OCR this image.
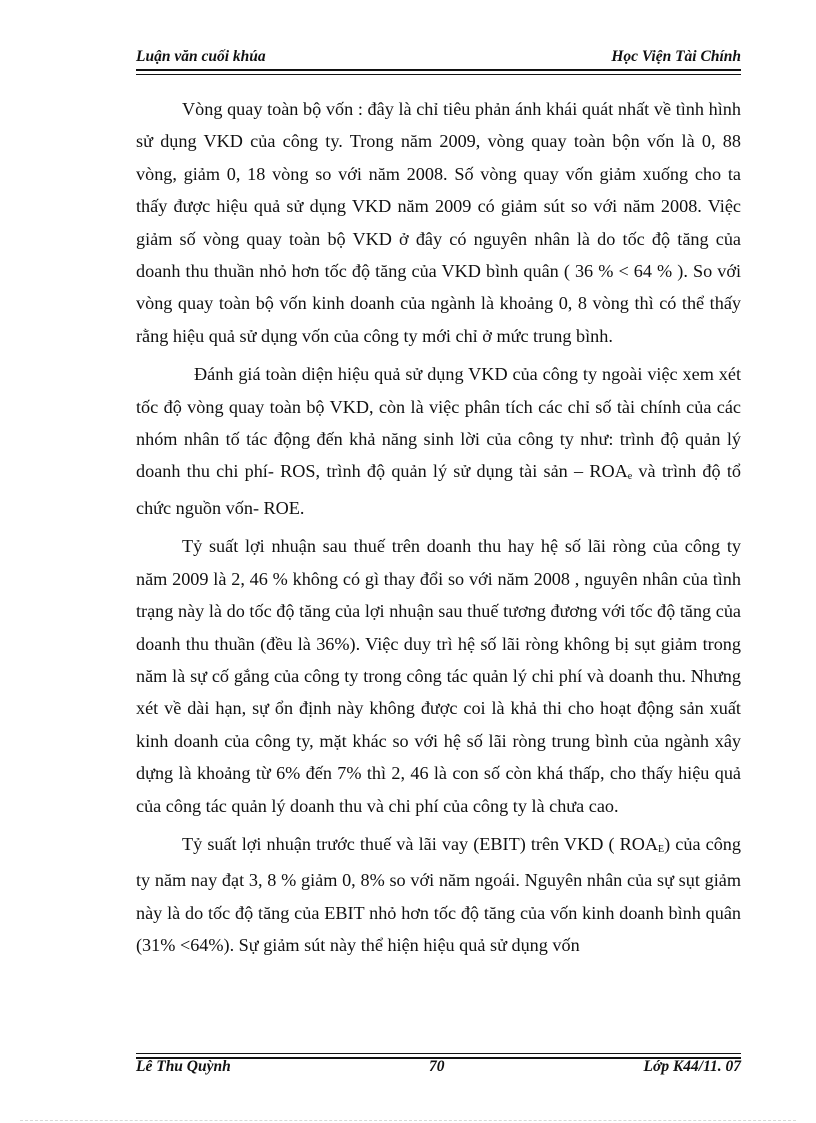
Luận văn cuối khúa	Học Viện Tài Chính

Vòng quay toàn bộ vốn : đây là chỉ tiêu phản ánh khái quát nhất về tình hình sử dụng VKD của công ty. Trong năm 2009, vòng quay toàn bộn vốn là 0, 88 vòng, giảm 0, 18 vòng so với năm 2008. Số vòng quay vốn giảm xuống cho ta thấy được hiệu quả sử dụng VKD năm 2009 có giảm sút so với năm 2008. Việc giảm số vòng quay toàn bộ VKD ở đây có nguyên nhân là do tốc độ tăng của doanh thu thuần nhỏ hơn tốc độ tăng của VKD bình quân ( 36 % < 64 % ). So với vòng quay toàn bộ vốn kinh doanh của ngành là khoảng 0, 8 vòng thì có thể thấy rằng hiệu quả sử dụng vốn của công ty mới chỉ ở mức trung bình.

Đánh giá toàn diện hiệu quả sử dụng VKD của công ty ngoài việc xem xét tốc độ vòng quay toàn bộ VKD, còn là việc phân tích các chỉ số tài chính của các nhóm nhân tố tác động đến khả năng sinh lời của công ty như: trình độ quản lý doanh thu chi phí- ROS, trình độ quản lý sử dụng tài sản – $ROA_e$ và trình độ tổ chức nguồn vốn- ROE.

Tỷ suất lợi nhuận sau thuế trên doanh thu hay hệ số lãi ròng của công ty năm 2009 là 2, 46 % không có gì thay đổi so với năm 2008 , nguyên nhân của tình trạng này là do tốc độ tăng của lợi nhuận sau thuế tương đương với tốc độ tăng của doanh thu thuần (đều là 36%). Việc duy trì hệ số lãi ròng không bị sụt giảm trong năm là sự cố gắng của công ty trong công tác quản lý chi phí và doanh thu. Nhưng xét về dài hạn, sự ổn định này không được coi là khả thi cho hoạt động sản xuất kinh doanh của công ty, mặt khác so với hệ số lãi ròng trung bình của ngành xây dựng là khoảng từ 6% đến 7% thì 2, 46 là con số còn khá thấp, cho thấy hiệu quả của công tác quản lý doanh thu và chi phí của công ty là chưa cao.

Tỷ suất lợi nhuận trước thuế và lãi vay (EBIT) trên VKD ( $ROA_E$) của công ty năm nay đạt 3, 8 % giảm 0, 8% so với năm ngoái. Nguyên nhân của sự sụt giảm này là do tốc độ tăng của EBIT nhỏ hơn tốc độ tăng của vốn kinh doanh bình quân (31% <64%). Sự giảm sút này thể hiện hiệu quả sử dụng vốn

Lê Thu Quỳnh	70	Lớp K44/11. 07
